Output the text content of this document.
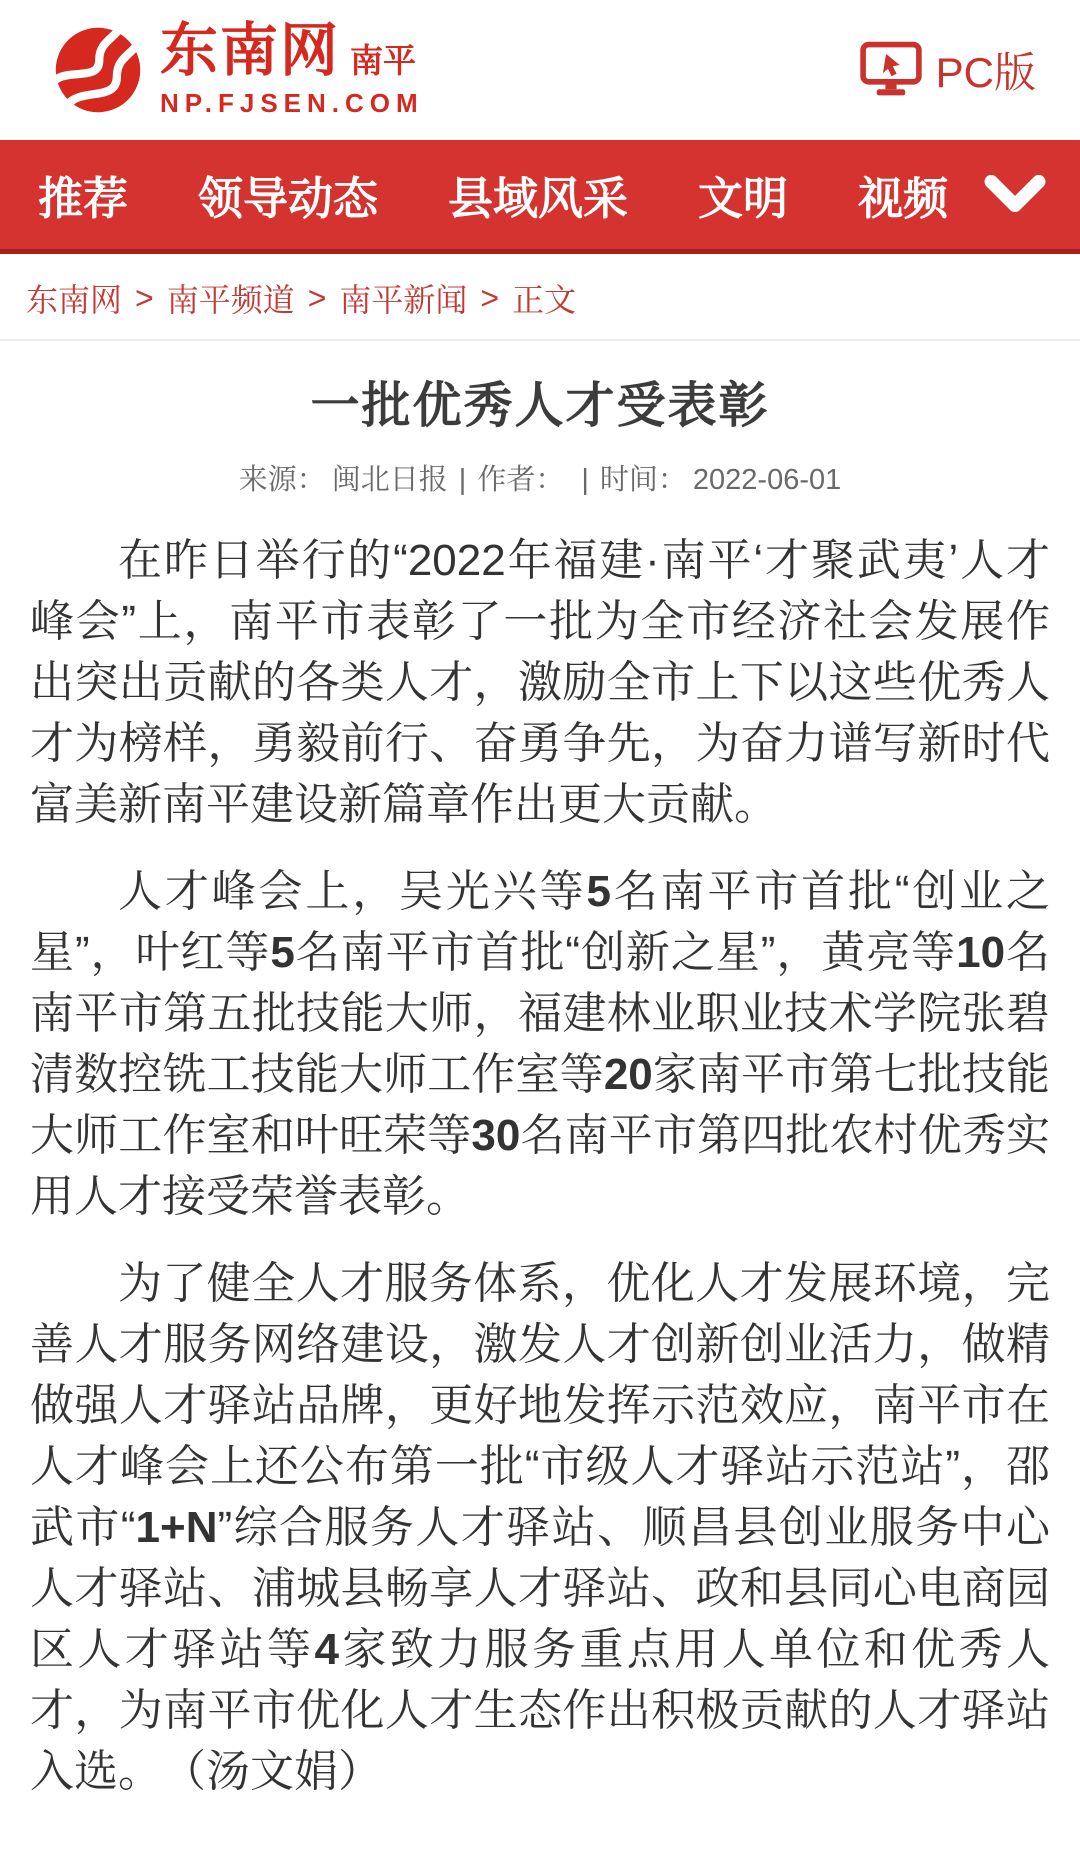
东南网 南平
NP.FJSEN.COM
PC版
推荐 领导动态 县域风采 文明 视频
东南网 > 南平频道 > 南平新闻 > 正文
一批优秀人才受表彰
来源： 闽北日报 | 作者： | 时间： 2022-06-01

在昨日举行的“2022年福建·南平‘才聚武夷’人才峰会”上，南平市表彰了一批为全市经济社会发展作出突出贡献的各类人才，激励全市上下以这些优秀人才为榜样，勇毅前行、奋勇争先，为奋力谱写新时代富美新南平建设新篇章作出更大贡献。

人才峰会上，吴光兴等5名南平市首批“创业之星”，叶红等5名南平市首批“创新之星”，黄亮等10名南平市第五批技能大师，福建林业职业技术学院张碧清数控铣工技能大师工作室等20家南平市第七批技能大师工作室和叶旺荣等30名南平市第四批农村优秀实用人才接受荣誉表彰。

为了健全人才服务体系，优化人才发展环境，完善人才服务网络建设，激发人才创新创业活力，做精做强人才驿站品牌，更好地发挥示范效应，南平市在人才峰会上还公布第一批“市级人才驿站示范站”，邵武市“1+N”综合服务人才驿站、顺昌县创业服务中心人才驿站、浦城县畅享人才驿站、政和县同心电商园区人才驿站等4家致力服务重点用人单位和优秀人才，为南平市优化人才生态作出积极贡献的人才驿站入选。　（汤文娟）
